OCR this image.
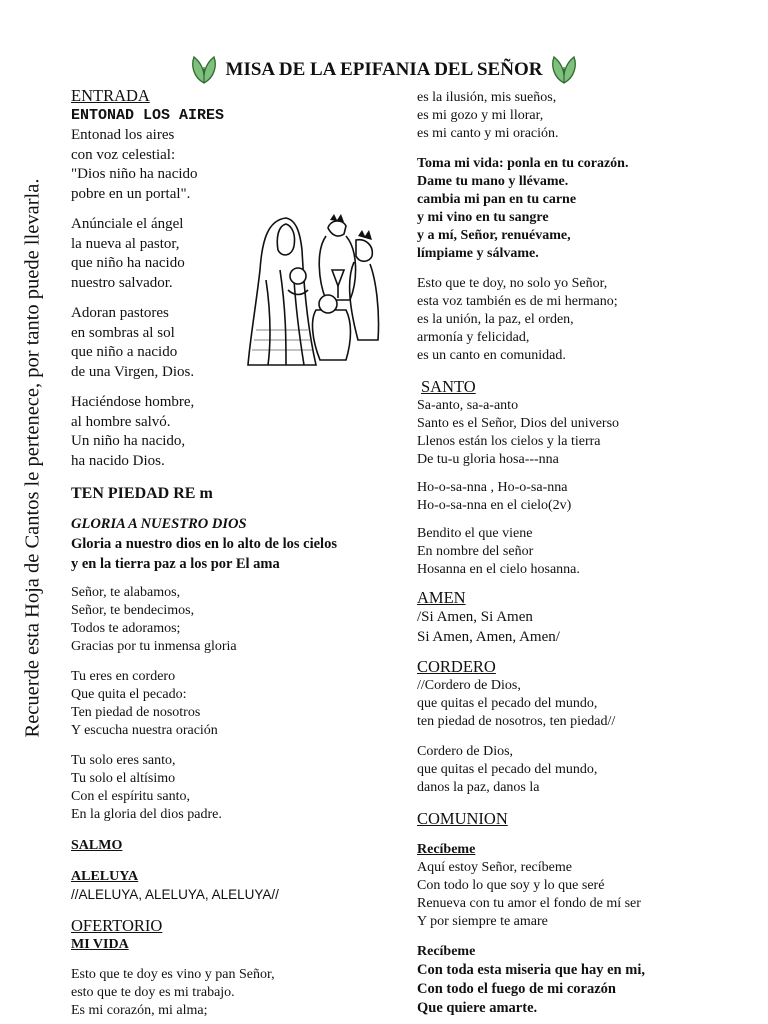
Recuerde esta Hoja de Cantos le pertenece, por tanto puede llevarla.
MISA DE LA EPIFANIA DEL SEÑOR

ENTRADA

ENTONAD LOS AIRES

Entonad los aires
con voz celestial:
"Dios niño ha nacido
pobre en un portal".
Anúnciale el ángel
la nueva al pastor,
que niño ha nacido
nuestro salvador.
Adoran pastores
en sombras al sol
que niño a nacido
de una Virgen, Dios.
Haciéndose hombre,
al hombre salvó.
Un niño ha nacido,
ha nacido Dios.

TEN PIEDAD RE m

GLORIA A NUESTRO DIOS

Gloria a nuestro dios en lo alto de los cielos
y en la tierra paz a los por El ama
Señor, te alabamos,
Señor, te bendecimos,
Todos te adoramos;
Gracias por tu inmensa gloria
Tu eres en cordero
Que quita el pecado:
Ten piedad de nosotros
Y escucha nuestra oración
Tu solo eres santo,
Tu solo el altísimo
Con el espíritu santo,
En la gloria del dios padre.

SALMO

ALELUYA

//ALELUYA, ALELUYA, ALELUYA//

OFERTORIO

MI VIDA

Esto que te doy es vino y pan Señor,
esto que te doy es mi trabajo.
Es mi corazón, mi alma;
es la ilusión, mis sueños,
es mi gozo y mi llorar,
es mi canto y mi oración.
Toma mi vida: ponla en tu corazón.
Dame tu mano y llévame.
cambia mi pan en tu carne
y mi vino en tu sangre
y a mí, Señor, renuévame,
límpiame y sálvame.
Esto que te doy, no solo yo Señor,
esta voz también es de mi hermano;
es la unión, la paz, el orden,
armonía y felicidad,
es un canto en comunidad.

SANTO

Sa-anto, sa-a-anto
Santo es el Señor, Dios del universo
Llenos están los cielos y la tierra
De tu-u gloria hosa---nna
Ho-o-sa-nna , Ho-o-sa-nna
Ho-o-sa-nna en el cielo(2v)
Bendito el que viene
En nombre del señor
Hosanna en el cielo hosanna.

AMEN

/Si Amen, Si Amen
Si Amen, Amen, Amen/

CORDERO

//Cordero de Dios,
que quitas el pecado del mundo,
ten piedad de nosotros, ten piedad//
Cordero de Dios,
que quitas el pecado del mundo,
danos la paz, danos la

COMUNION

Recíbeme

Aquí estoy Señor, recíbeme
Con todo lo que soy y lo que seré
Renueva con tu amor el fondo de mí ser
Y por siempre te amare

Recíbeme

Con toda esta miseria que hay en mi,
Con todo el fuego de mi corazón
Que quiere amarte.
